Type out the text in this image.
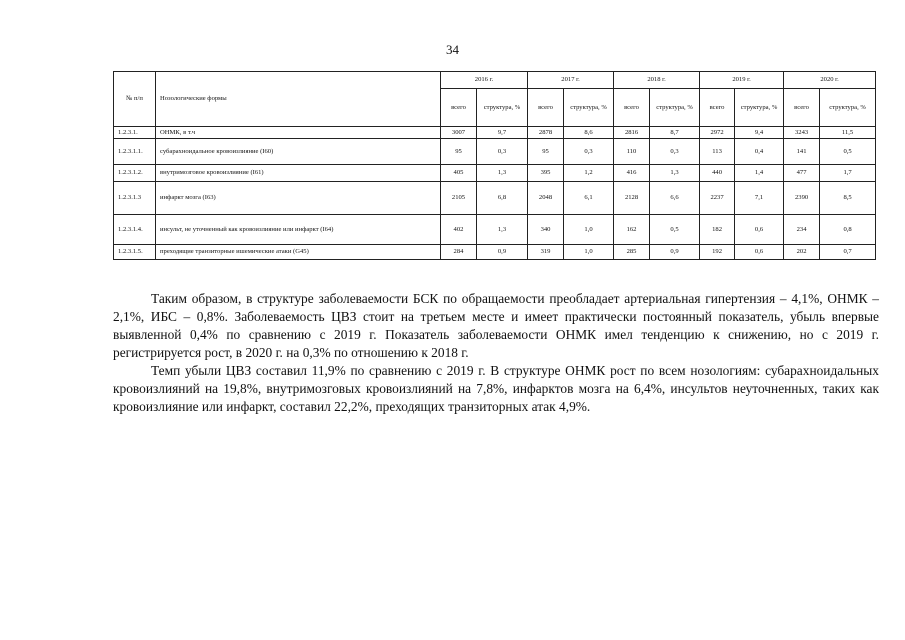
34
№ п/п	Нозологические формы	2016 г.		2017 г.		2018 г.		2019 г.		2020 г.	
		всего	структура, %	всего	структура, %	всего	структура, %	всего	структура, %	всего	структура, %
1.2.3.1.	ОНМК, в т.ч	3007	9,7	2878	8,6	2816	8,7	2972	9,4	3243	11,5
1.2.3.1.1.	субарахноидальное кровоизлияние (I60)	95	0,3	95	0,3	110	0,3	113	0,4	141	0,5
1.2.3.1.2.	внутримозговое кровоизлияние (I61)	405	1,3	395	1,2	416	1,3	440	1,4	477	1,7
1.2.3.1.3	инфаркт мозга (I63)	2105	6,8	2048	6,1	2128	6,6	2237	7,1	2390	8,5
1.2.3.1.4.	инсульт, не уточненный как кровоизлияние или инфаркт (I64)	402	1,3	340	1,0	162	0,5	182	0,6	234	0,8
1.2.3.1.5.	преходящие транзиторные ишемические атаки (G45)	284	0,9	319	1,0	285	0,9	192	0,6	202	0,7

Таким образом, в структуре заболеваемости БСК по обращаемости преобладает артериальная гипертензия – 4,1%, ОНМК – 2,1%, ИБС – 0,8%. Заболеваемость ЦВЗ стоит на третьем месте и имеет практически постоянный показатель, убыль впервые выявленной 0,4% по сравнению с 2019 г. Показатель заболеваемости ОНМК имел тенденцию к снижению, но с 2019 г. регистрируется рост, в 2020 г. на 0,3% по отношению к 2018 г.

Темп убыли ЦВЗ составил 11,9% по сравнению с 2019 г. В структуре ОНМК рост по всем нозологиям: субарахноидальных кровоизлияний на 19,8%, внутримозговых кровоизлияний на 7,8%, инфарктов мозга на 6,4%, инсультов неуточненных, таких как кровоизлияние или инфаркт, составил 22,2%, преходящих транзиторных атак 4,9%.
